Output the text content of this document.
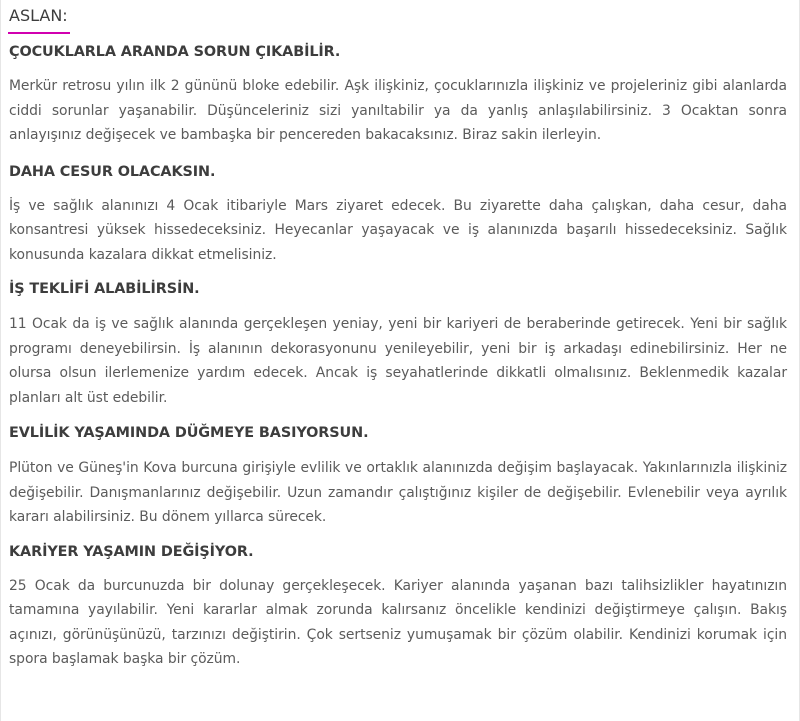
ASLAN:
ÇOCUKLARLA ARANDA SORUN ÇIKABİLİR.

Merkür retrosu yılın ilk 2 gününü bloke edebilir. Aşk ilişkiniz, çocuklarınızla ilişkiniz ve projeleriniz gibi alanlarda ciddi sorunlar yaşanabilir. Düşünceleriniz sizi yanıltabilir ya da yanlış anlaşılabilirsiniz. 3 Ocaktan sonra anlayışınız değişecek ve bambaşka bir pencereden bakacaksınız. Biraz sakin ilerleyin.

DAHA CESUR OLACAKSIN.

İş ve sağlık alanınızı 4 Ocak itibariyle Mars ziyaret edecek. Bu ziyarette daha çalışkan, daha cesur, daha konsantresi yüksek hissedeceksiniz. Heyecanlar yaşayacak ve iş alanınızda başarılı hissedeceksiniz. Sağlık konusunda kazalara dikkat etmelisiniz.

İŞ TEKLİFİ ALABİLİRSİN.

11 Ocak da iş ve sağlık alanında gerçekleşen yeniay, yeni bir kariyeri de beraberinde getirecek. Yeni bir sağlık programı deneyebilirsin. İş alanının dekorasyonunu yenileyebilir, yeni bir iş arkadaşı edinebilirsiniz. Her ne olursa olsun ilerlemenize yardım edecek. Ancak iş seyahatlerinde dikkatli olmalısınız. Beklenmedik kazalar planları alt üst edebilir.

EVLİLİK YAŞAMINDA DÜĞMEYE BASIYORSUN.

Plüton ve Güneş'in Kova burcuna girişiyle evlilik ve ortaklık alanınızda değişim başlayacak. Yakınlarınızla ilişkiniz değişebilir. Danışmanlarınız değişebilir. Uzun zamandır çalıştığınız kişiler de değişebilir. Evlenebilir veya ayrılık kararı alabilirsiniz. Bu dönem yıllarca sürecek.

KARİYER YAŞAMIN DEĞİŞİYOR.

25 Ocak da burcunuzda bir dolunay gerçekleşecek. Kariyer alanında yaşanan bazı talihsizlikler hayatınızın tamamına yayılabilir. Yeni kararlar almak zorunda kalırsanız öncelikle kendinizi değiştirmeye çalışın. Bakış açınızı, görünüşünüzü, tarzınızı değiştirin. Çok sertseniz yumuşamak bir çözüm olabilir. Kendinizi korumak için spora başlamak başka bir çözüm.
